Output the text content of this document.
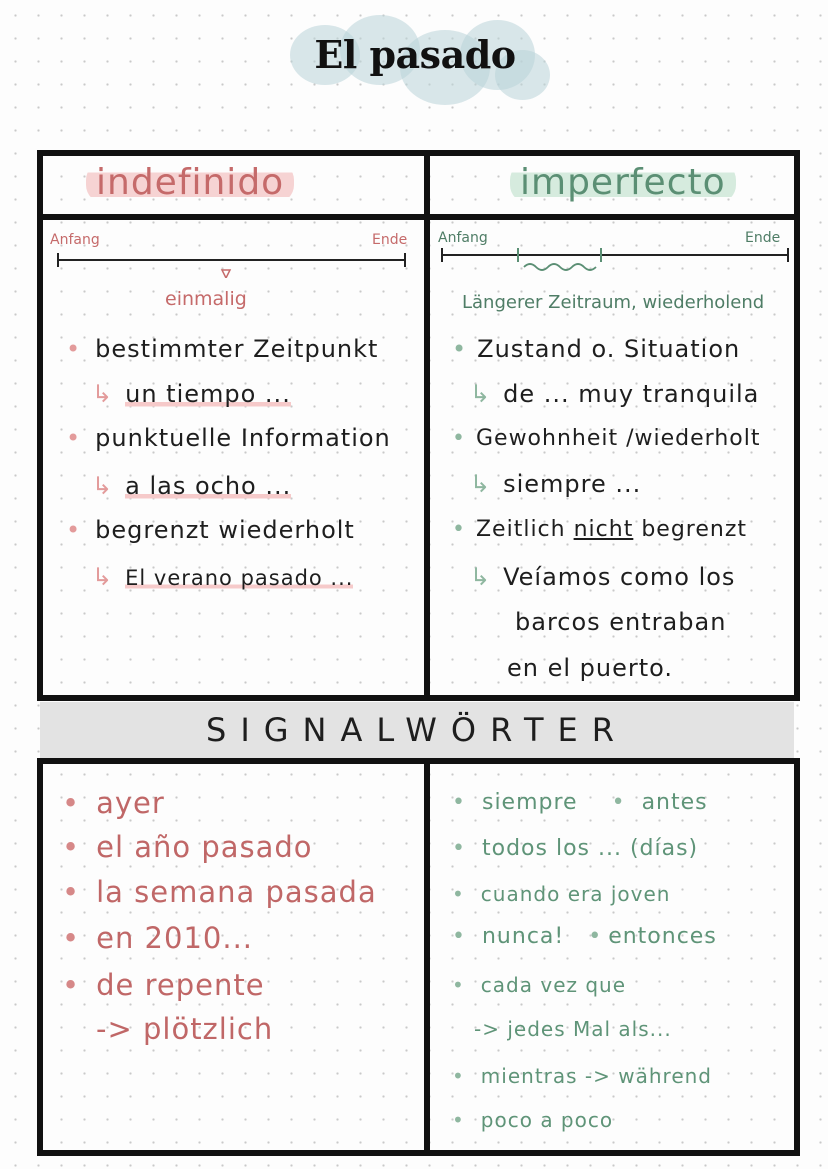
El pasado
indefinido	imperfecto
Anfang	Ende
einmalig
Anfang	Ende
Längerer Zeitraum, wiederholend
• bestimmter Zeitpunkt
↳ un tiempo ...
• punktuelle Information
↳ a las ocho ...
• begrenzt wiederholt
↳ El verano pasado ...
• Zustand o. Situation
↳ de ... muy tranquila
• Gewohnheit /wiederholt
↳ siempre ...
• Zeitlich nicht begrenzt
↳ Veíamos como los
barcos entraban
en el puerto.
SIGNALWÖRTER
• ayer
• el año pasado
• la semana pasada
• en 2010...
• de repente
-> plötzlich
• siempre • antes
• todos los ... (días)
• cuando era joven
• nunca! • entonces
• cada vez que
-> jedes Mal als...
• mientras -> während
• poco a poco
